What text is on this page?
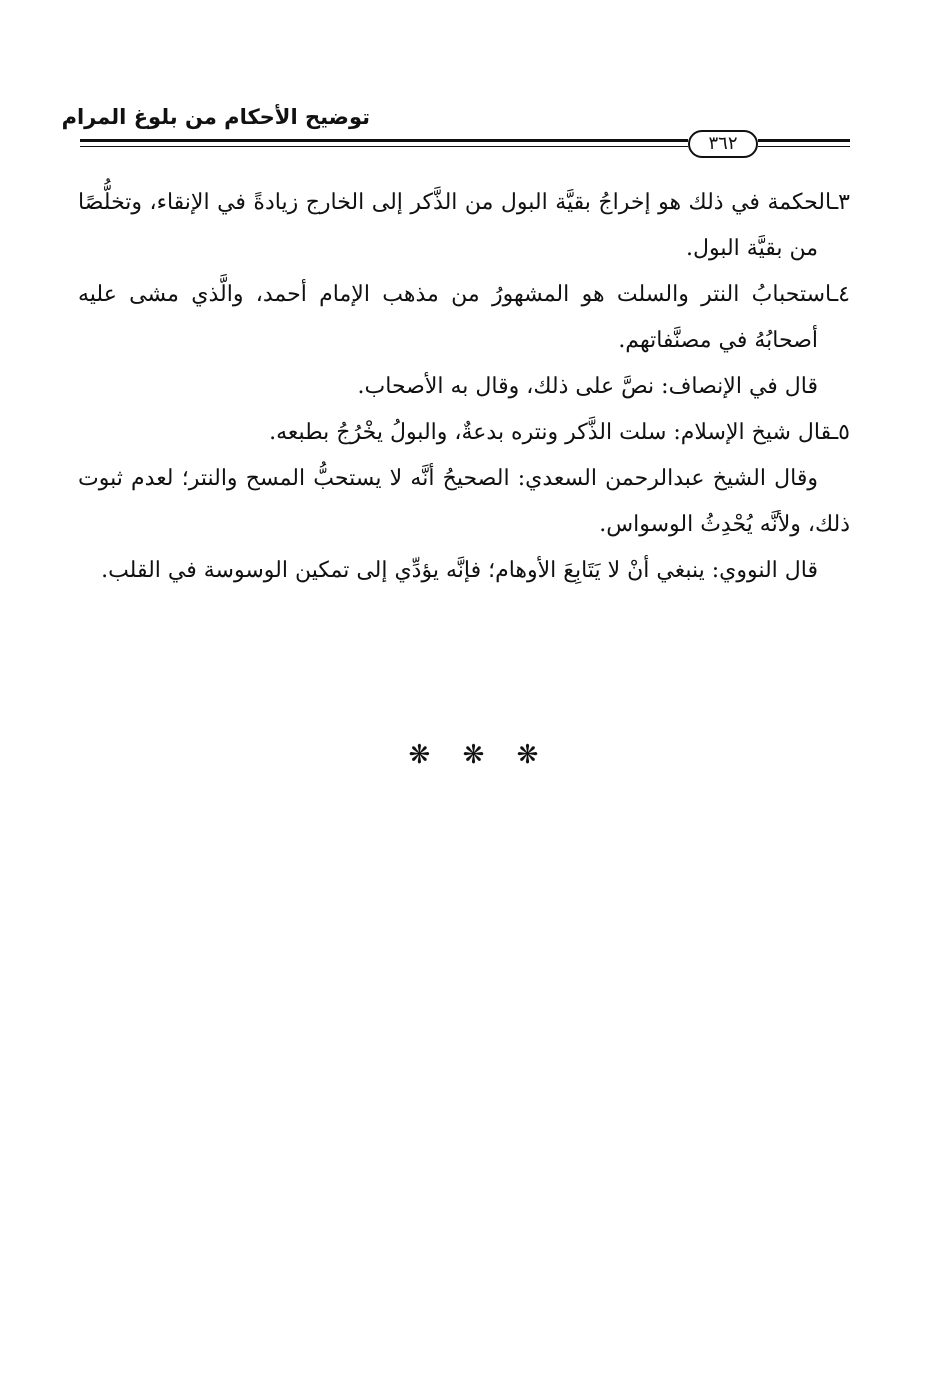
توضيح الأحكام من بلوغ المرام
٣٦٢

٣ـالحكمة في ذلك هو إخراجُ بقيَّة البول من الذَّكر إلى الخارج زيادةً في الإنقاء، وتخلُّصًا من بقيَّة البول.

٤ـاستحبابُ النتر والسلت هو المشهورُ من مذهب الإمام أحمد، والَّذي مشى عليه أصحابُهُ في مصنَّفاتهم.

قال في الإنصاف: نصَّ على ذلك، وقال به الأصحاب.

٥ـقال شيخ الإسلام: سلت الذَّكر ونتره بدعةٌ، والبولُ يخْرُجُ بطبعه.

وقال الشيخ عبدالرحمن السعدي: الصحيحُ أنَّه لا يستحبُّ المسح والنتر؛ لعدم ثبوت ذلك، ولأنَّه يُحْدِثُ الوسواس.

قال النووي: ينبغي أنْ لا يَتَابِعَ الأوهام؛ فإنَّه يؤدِّي إلى تمكين الوسوسة في القلب.

❋ ❋ ❋
